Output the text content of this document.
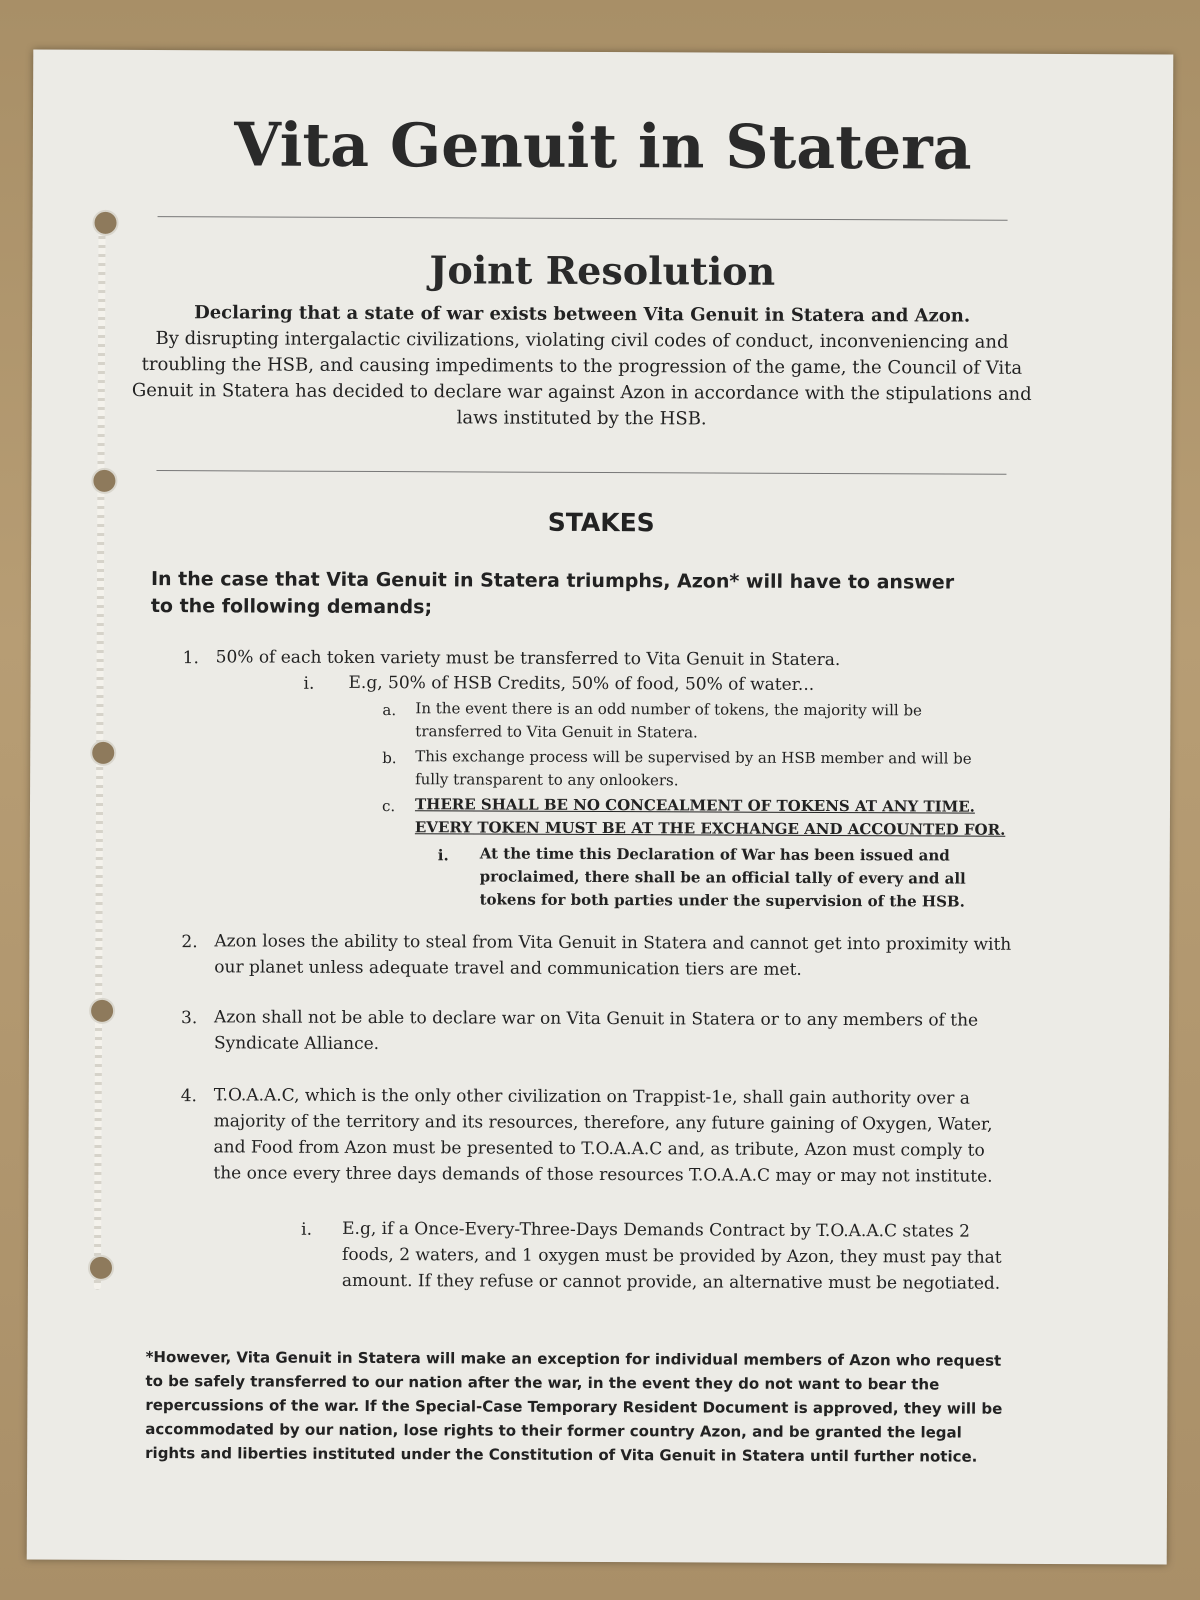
Vita Genuit in Statera
Joint Resolution
Declaring that a state of war exists between Vita Genuit in Statera and Azon.
By disrupting intergalactic civilizations, violating civil codes of conduct, inconveniencing and troubling the HSB, and causing impediments to the progression of the game, the Council of Vita Genuit in Statera has decided to declare war against Azon in accordance with the stipulations and laws instituted by the HSB.
STAKES
In the case that Vita Genuit in Statera triumphs, Azon* will have to answer to the following demands;
1. 50% of each token variety must be transferred to Vita Genuit in Statera.
i. E.g, 50% of HSB Credits, 50% of food, 50% of water...
a. In the event there is an odd number of tokens, the majority will be transferred to Vita Genuit in Statera.
b. This exchange process will be supervised by an HSB member and will be fully transparent to any onlookers.
c. THERE SHALL BE NO CONCEALMENT OF TOKENS AT ANY TIME. EVERY TOKEN MUST BE AT THE EXCHANGE AND ACCOUNTED FOR.
i. At the time this Declaration of War has been issued and proclaimed, there shall be an official tally of every and all tokens for both parties under the supervision of the HSB.
2. Azon loses the ability to steal from Vita Genuit in Statera and cannot get into proximity with our planet unless adequate travel and communication tiers are met.
3. Azon shall not be able to declare war on Vita Genuit in Statera or to any members of the Syndicate Alliance.
4. T.O.A.A.C, which is the only other civilization on Trappist-1e, shall gain authority over a majority of the territory and its resources, therefore, any future gaining of Oxygen, Water, and Food from Azon must be presented to T.O.A.A.C and, as tribute, Azon must comply to the once every three days demands of those resources T.O.A.A.C may or may not institute.
i. E.g, if a Once-Every-Three-Days Demands Contract by T.O.A.A.C states 2 foods, 2 waters, and 1 oxygen must be provided by Azon, they must pay that amount. If they refuse or cannot provide, an alternative must be negotiated.
*However, Vita Genuit in Statera will make an exception for individual members of Azon who request to be safely transferred to our nation after the war, in the event they do not want to bear the repercussions of the war. If the Special-Case Temporary Resident Document is approved, they will be accommodated by our nation, lose rights to their former country Azon, and be granted the legal rights and liberties instituted under the Constitution of Vita Genuit in Statera until further notice.
